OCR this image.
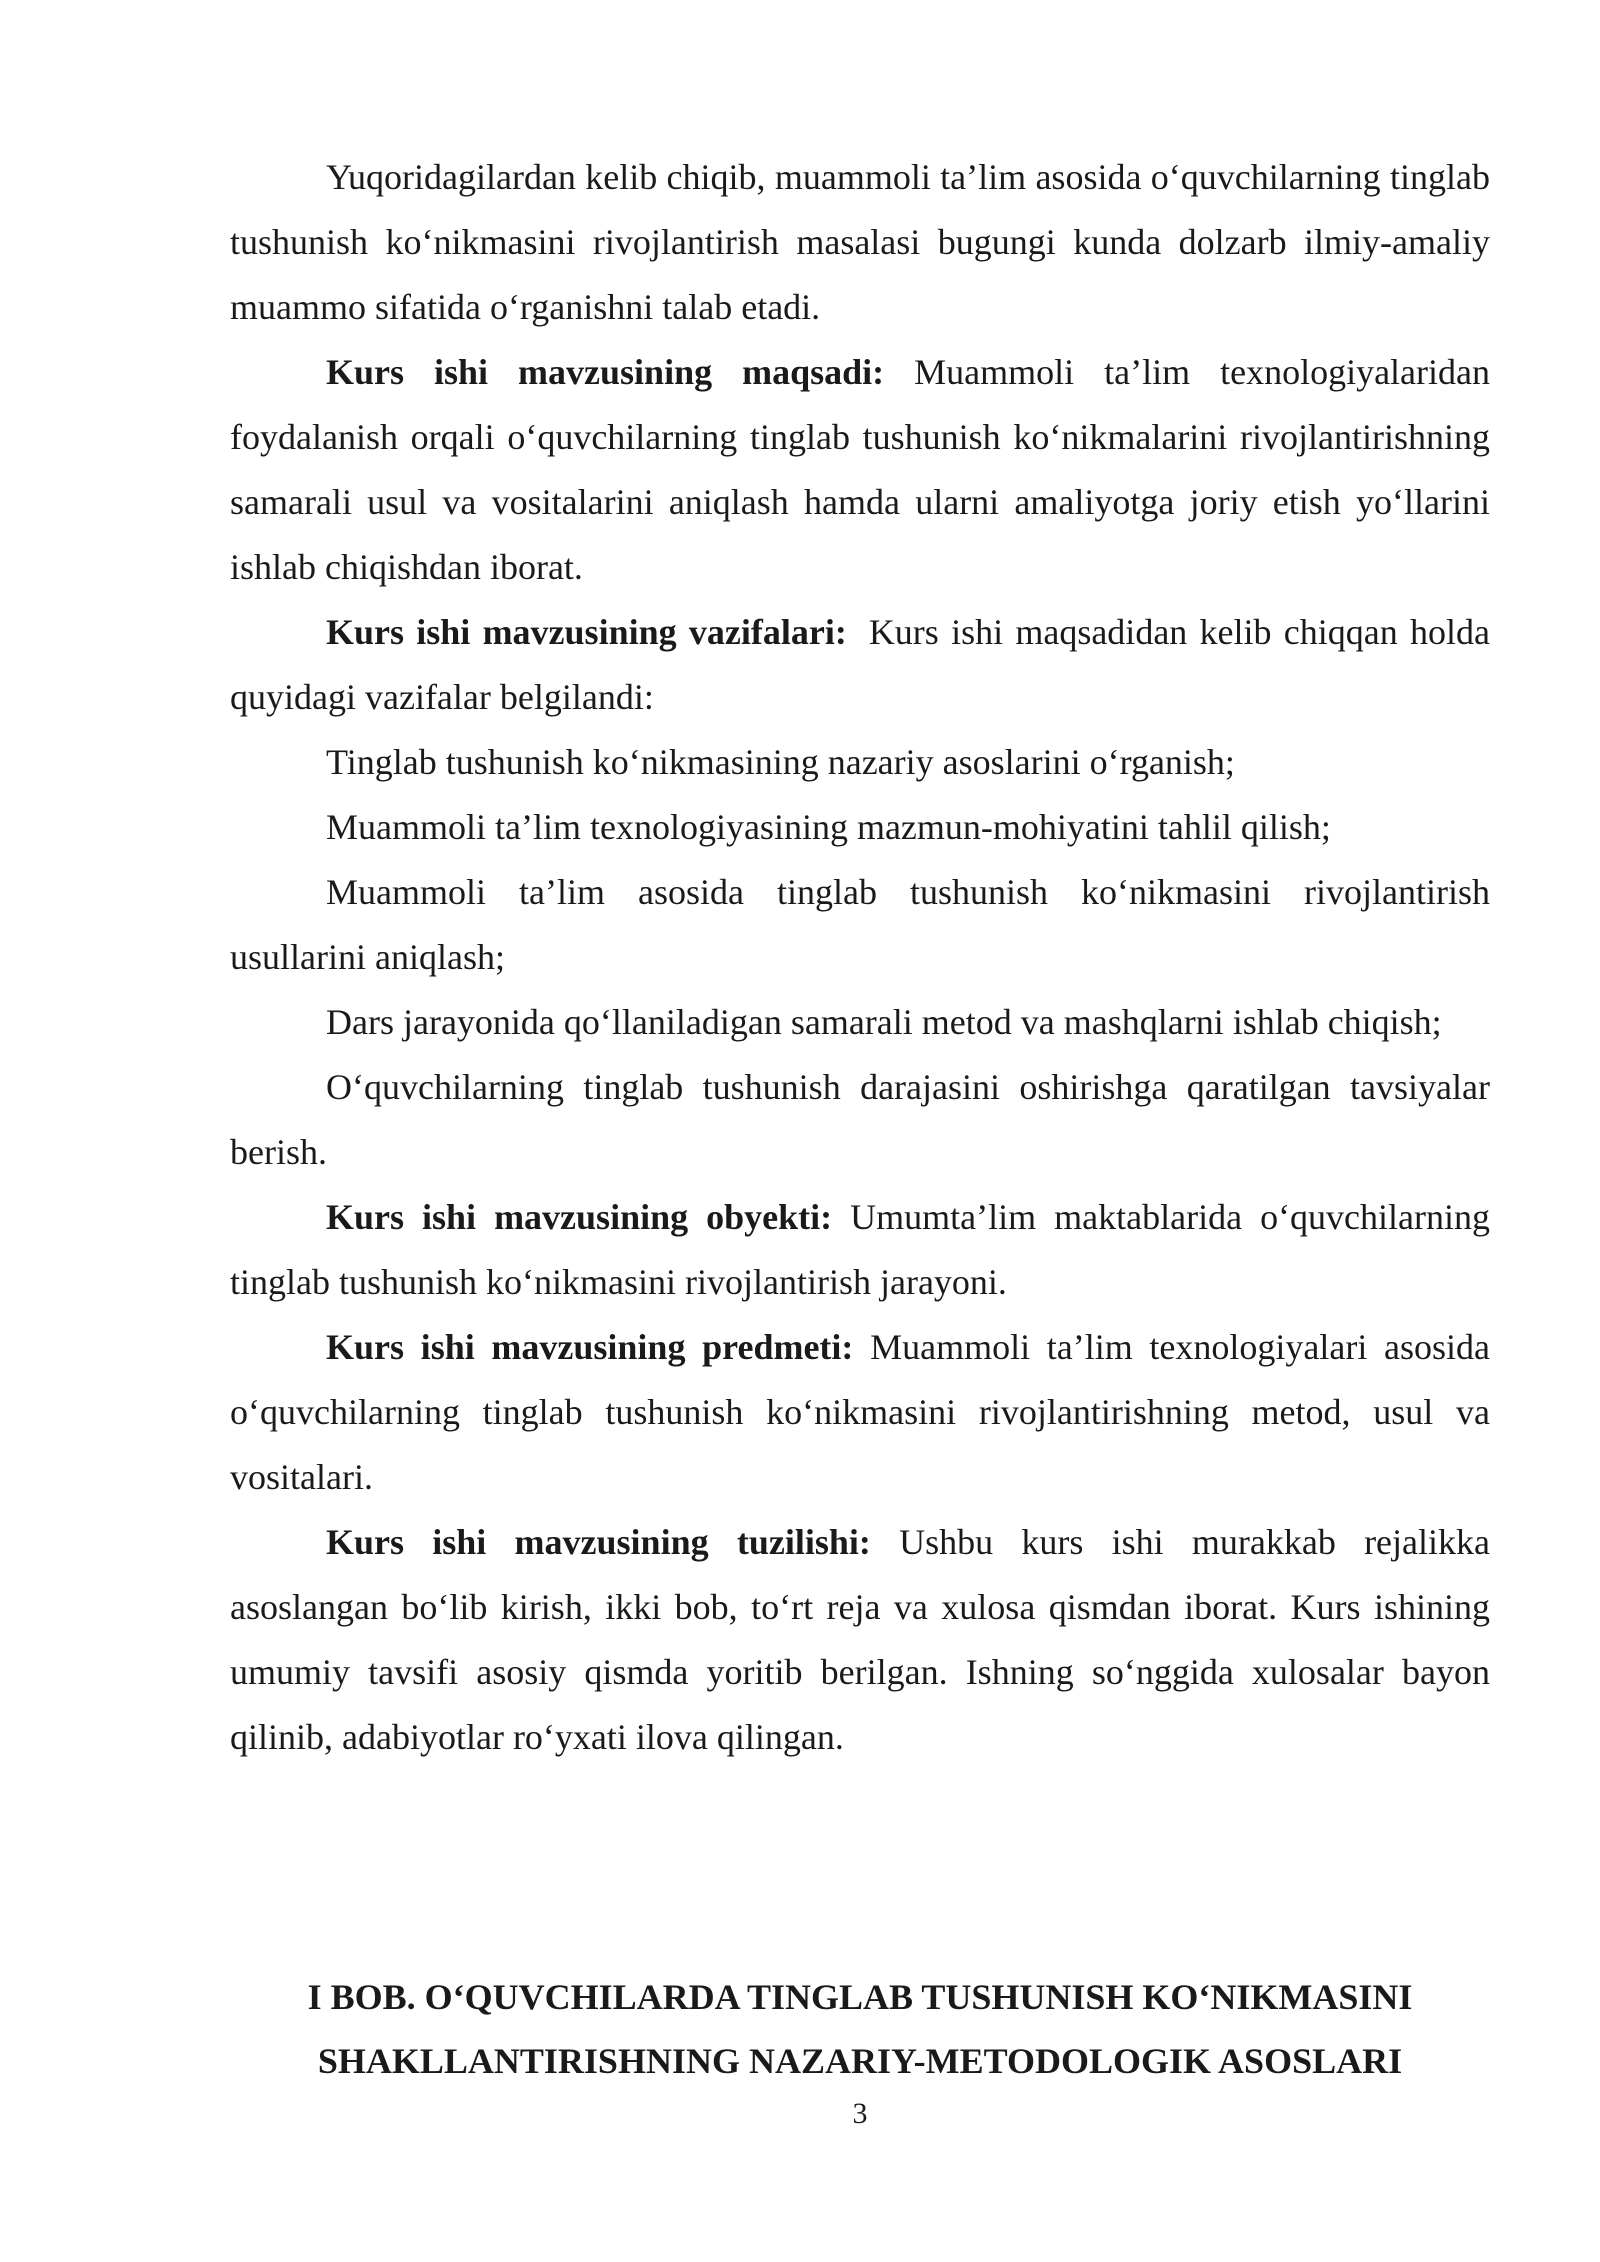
Yuqoridagilardan kelib chiqib, muammoli ta’lim asosida o‘quvchilarning tinglab tushunish ko‘nikmasini rivojlantirish masalasi bugungi kunda dolzarb ilmiy-amaliy muammo sifatida o‘rganishni talab etadi.

Kurs ishi mavzusining maqsadi: Muammoli ta’lim texnologiyalaridan foydalanish orqali o‘quvchilarning tinglab tushunish ko‘nikmalarini rivojlantirishning samarali usul va vositalarini aniqlash hamda ularni amaliyotga joriy etish yo‘llarini ishlab chiqishdan iborat.

Kurs ishi mavzusining vazifalari: Kurs ishi maqsadidan kelib chiqqan holda quyidagi vazifalar belgilandi:

Tinglab tushunish ko‘nikmasining nazariy asoslarini o‘rganish;

Muammoli ta’lim texnologiyasining mazmun-mohiyatini tahlil qilish;

Muammoli ta’lim asosida tinglab tushunish ko‘nikmasini rivojlantirish usullarini aniqlash;

Dars jarayonida qo‘llaniladigan samarali metod va mashqlarni ishlab chiqish;

O‘quvchilarning tinglab tushunish darajasini oshirishga qaratilgan tavsiyalar berish.

Kurs ishi mavzusining obyekti: Umumta’lim maktablarida o‘quvchilarning tinglab tushunish ko‘nikmasini rivojlantirish jarayoni.

Kurs ishi mavzusining predmeti: Muammoli ta’lim texnologiyalari asosida o‘quvchilarning tinglab tushunish ko‘nikmasini rivojlantirishning metod, usul va vositalari.

Kurs ishi mavzusining tuzilishi: Ushbu kurs ishi murakkab rejalikka asoslangan bo‘lib kirish, ikki bob, to‘rt reja va xulosa qismdan iborat. Kurs ishining umumiy tavsifi asosiy qismda yoritib berilgan. Ishning so‘nggida xulosalar bayon qilinib, adabiyotlar ro‘yxati ilova qilingan.

I BOB. O‘QUVCHILARDA TINGLAB TUSHUNISH KO‘NIKMASINI
SHAKLLANTIRISHNING NAZARIY-METODOLOGIK ASOSLARI
3
